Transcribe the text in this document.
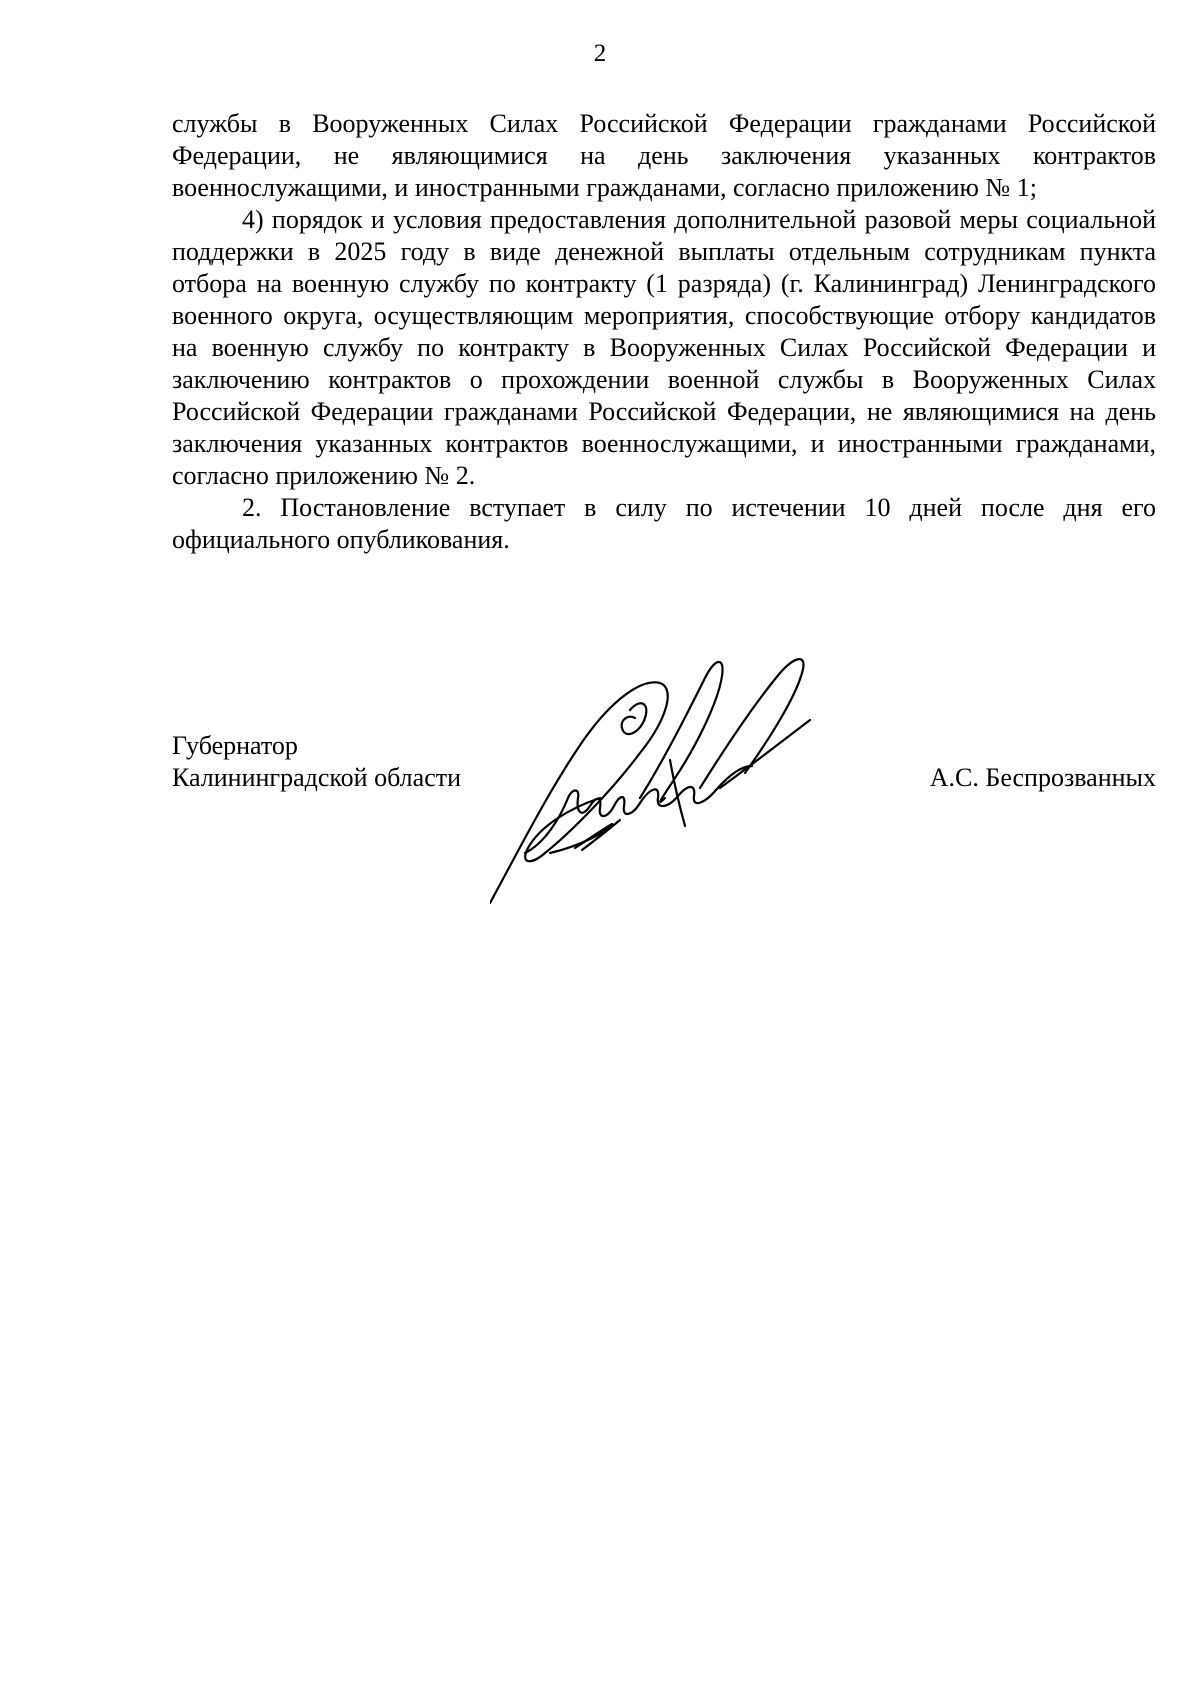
2

службы в Вооруженных Силах Российской Федерации гражданами Российской Федерации, не являющимися на день заключения указанных контрактов военнослужащими, и иностранными гражданами, согласно приложению № 1;

4) порядок и условия предоставления дополнительной разовой меры социальной поддержки в 2025 году в виде денежной выплаты отдельным сотрудникам пункта отбора на военную службу по контракту (1 разряда) (г. Калининград) Ленинградского военного округа, осуществляющим мероприятия, способствующие отбору кандидатов на военную службу по контракту в Вооруженных Силах Российской Федерации и заключению контрактов о прохождении военной службы в Вооруженных Силах Российской Федерации гражданами Российской Федерации, не являющимися на день заключения указанных контрактов военнослужащими, и иностранными гражданами, согласно приложению № 2.

2. Постановление вступает в силу по истечении 10 дней после дня его официального опубликования.

Губернатор
Калининградской области	А.С. Беспрозванных
